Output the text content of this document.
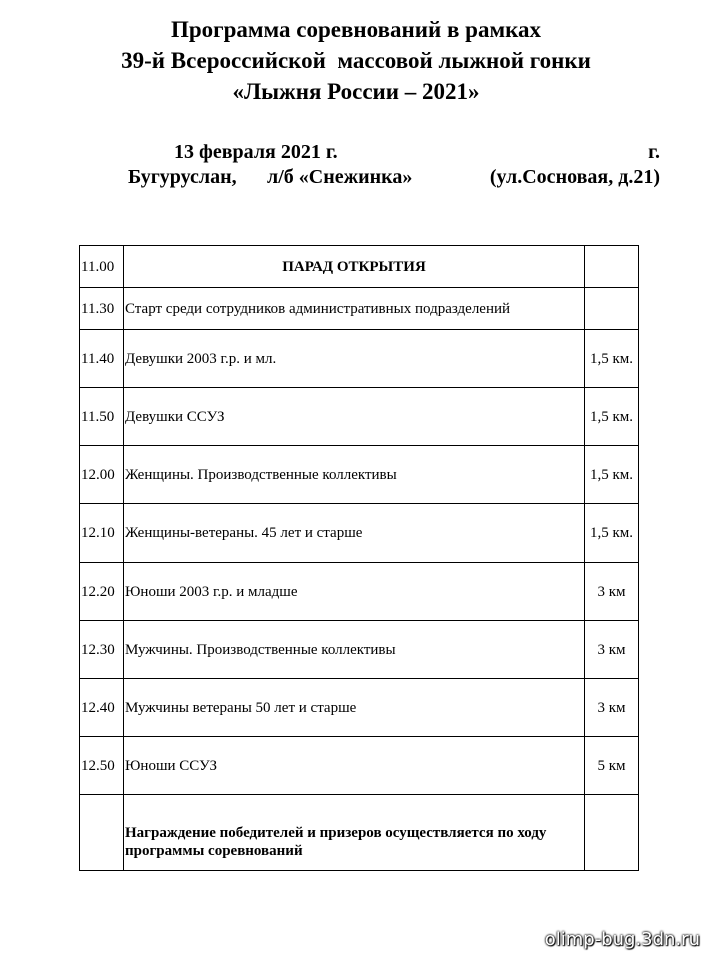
Программа соревнований в рамках
39-й Всероссийской  массовой лыжной гонки
«Лыжня России – 2021»
13 февраля 2021 г.	г.
Бугуруслан, л/б «Снежинка»	(ул.Сосновая, д.21)
11.00	ПАРАД ОТКРЫТИЯ	
11.30	Старт среди сотрудников административных подразделений	
11.40	Девушки 2003 г.р. и мл.	1,5 км.
11.50	Девушки ССУЗ	1,5 км.
12.00	Женщины. Производственные коллективы	1,5 км.
12.10	Женщины-ветераны. 45 лет и старше	1,5 км.
12.20	Юноши 2003 г.р. и младше	3 км
12.30	Мужчины. Производственные коллективы	3 км
12.40	Мужчины ветераны 50 лет и старше	3 км
12.50	Юноши ССУЗ	5 км
	Награждение победителей и призеров осуществляется по ходу программы соревнований	
olimp-bug.3dn.ru
